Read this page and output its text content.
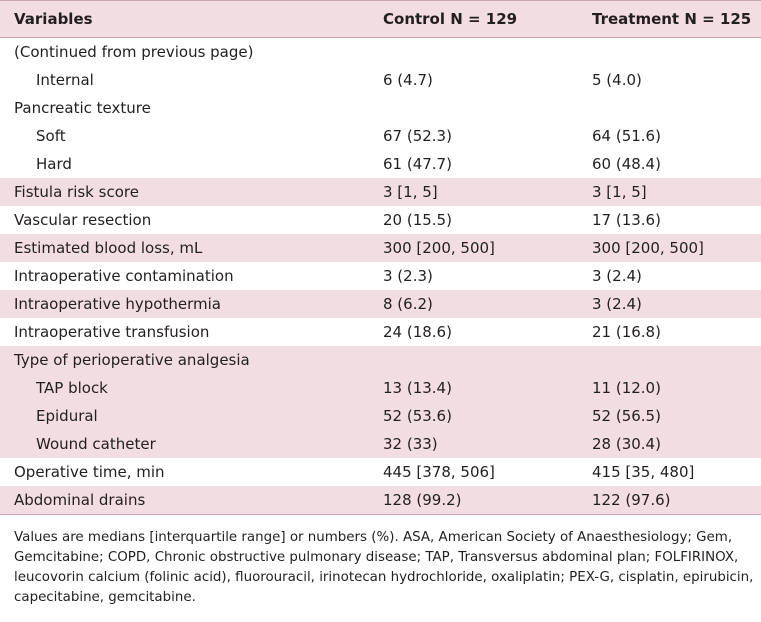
Variables	Control N = 129	Treatment N = 125
(Continued from previous page)
Internal	6 (4.7)	5 (4.0)
Pancreatic texture
Soft	67 (52.3)	64 (51.6)
Hard	61 (47.7)	60 (48.4)
Fistula risk score	3 [1, 5]	3 [1, 5]
Vascular resection	20 (15.5)	17 (13.6)
Estimated blood loss, mL	300 [200, 500]	300 [200, 500]
Intraoperative contamination	3 (2.3)	3 (2.4)
Intraoperative hypothermia	8 (6.2)	3 (2.4)
Intraoperative transfusion	24 (18.6)	21 (16.8)
Type of perioperative analgesia
TAP block	13 (13.4)	11 (12.0)
Epidural	52 (53.6)	52 (56.5)
Wound catheter	32 (33)	28 (30.4)
Operative time, min	445 [378, 506]	415 [35, 480]
Abdominal drains	128 (99.2)	122 (97.6)
Values are medians [interquartile range] or numbers (%). ASA, American Society of Anaesthesiology; Gem, Gemcitabine; COPD, Chronic obstructive pulmonary disease; TAP, Transversus abdominal plan; FOLFIRINOX, leucovorin calcium (folinic acid), fluorouracil, irinotecan hydrochloride, oxaliplatin; PEX-G, cisplatin, epirubicin, capecitabine, gemcitabine.
